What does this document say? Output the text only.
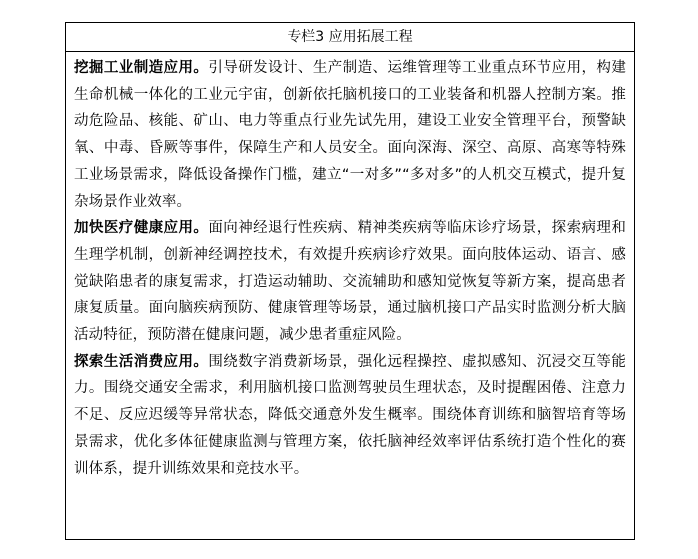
专栏3 应用拓展工程

挖掘工业制造应用。引导研发设计、生产制造、运维管理等工业重点环节应用，构建生命机械一体化的工业元宇宙，创新依托脑机接口的工业装备和机器人控制方案。推动危险品、核能、矿山、电力等重点行业先试先用，建设工业安全管理平台，预警缺氧、中毒、昏厥等事件，保障生产和人员安全。面向深海、深空、高原、高寒等特殊工业场景需求，降低设备操作门槛，建立“一对多”“多对多”的人机交互模式，提升复杂场景作业效率。

加快医疗健康应用。面向神经退行性疾病、精神类疾病等临床诊疗场景，探索病理和生理学机制，创新神经调控技术，有效提升疾病诊疗效果。面向肢体运动、语言、感觉缺陷患者的康复需求，打造运动辅助、交流辅助和感知觉恢复等新方案，提高患者康复质量。面向脑疾病预防、健康管理等场景，通过脑机接口产品实时监测分析大脑活动特征，预防潜在健康问题，减少患者重症风险。

探索生活消费应用。围绕数字消费新场景，强化远程操控、虚拟感知、沉浸交互等能力。围绕交通安全需求，利用脑机接口监测驾驶员生理状态，及时提醒困倦、注意力不足、反应迟缓等异常状态，降低交通意外发生概率。围绕体育训练和脑智培育等场景需求，优化多体征健康监测与管理方案，依托脑神经效率评估系统打造个性化的赛训体系，提升训练效果和竞技水平。
